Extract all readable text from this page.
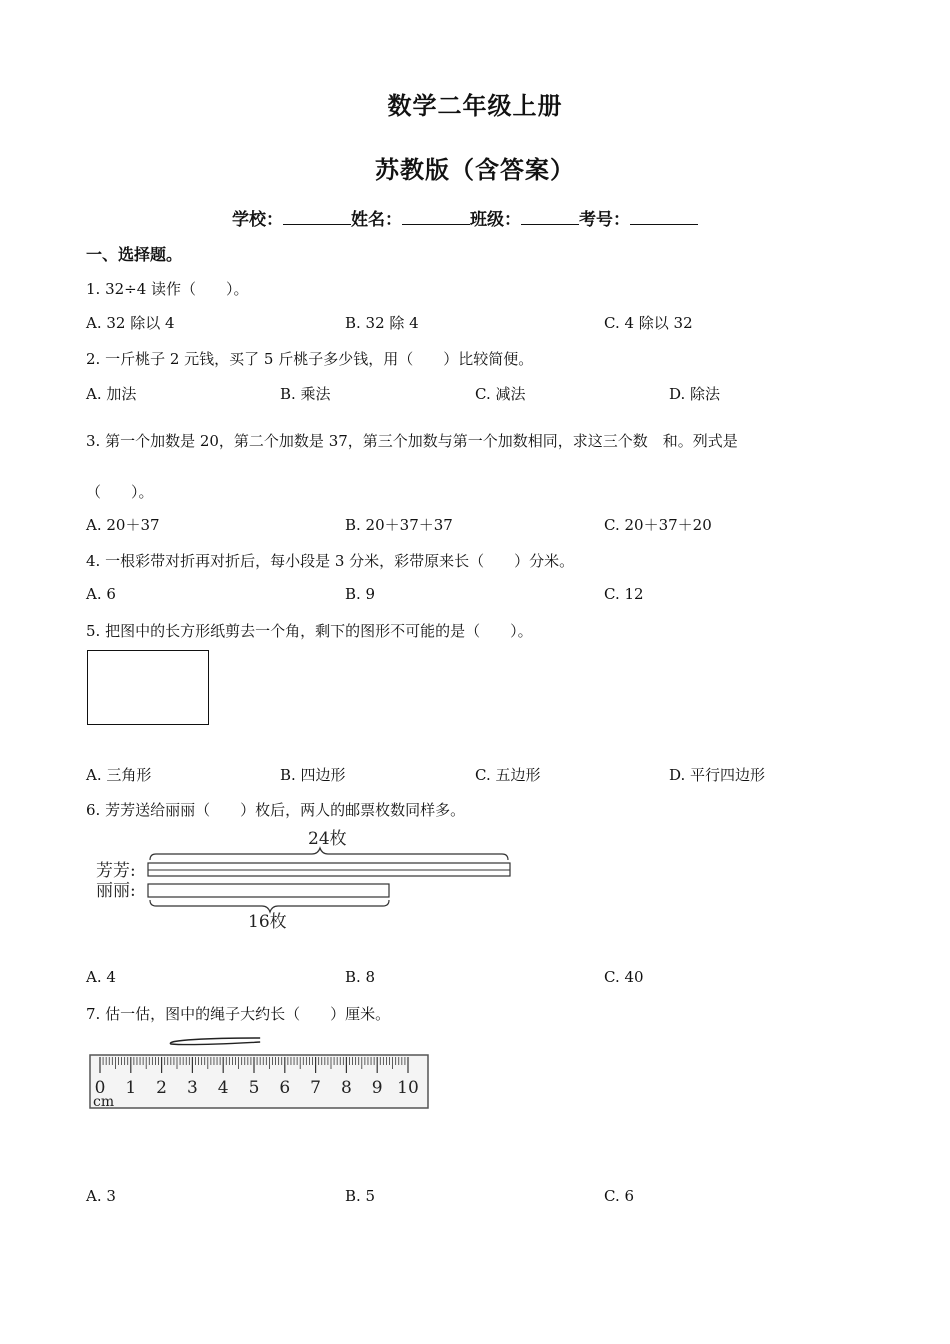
数学二年级上册
苏教版（含答案）
学校：	姓名：	班级：	考号：
一、选择题。
1. 32÷4 读作（　　）。
A. 32 除以 4	B. 32 除 4	C. 4 除以 32
2. 一斤桃子 2 元钱，买了 5 斤桃子多少钱，用（　　）比较简便。
A. 加法	B. 乘法	C. 减法	D. 除法
3. 第一个加数是 20，第二个加数是 37，第三个加数与第一个加数相同，求这三个数　和。列式是
（　　）。
A. 20＋37	B. 20＋37＋37	C. 20＋37＋20
4. 一根彩带对折再对折后，每小段是 3 分米，彩带原来长（　　）分米。
A. 6	B. 9	C. 12
5. 把图中的长方形纸剪去一个角，剩下的图形不可能的是（　　）。
A. 三角形	B. 四边形	C. 五边形	D. 平行四边形
6. 芳芳送给丽丽（　　）枚后，两人的邮票枚数同样多。
芳芳:
丽丽:
24枚
16枚
A. 4	B. 8	C. 40
7. 估一估，图中的绳子大约长（　　）厘米。
0 1 2 3 4 5 6 7 8 9 10
cm
A. 3	B. 5	C. 6
